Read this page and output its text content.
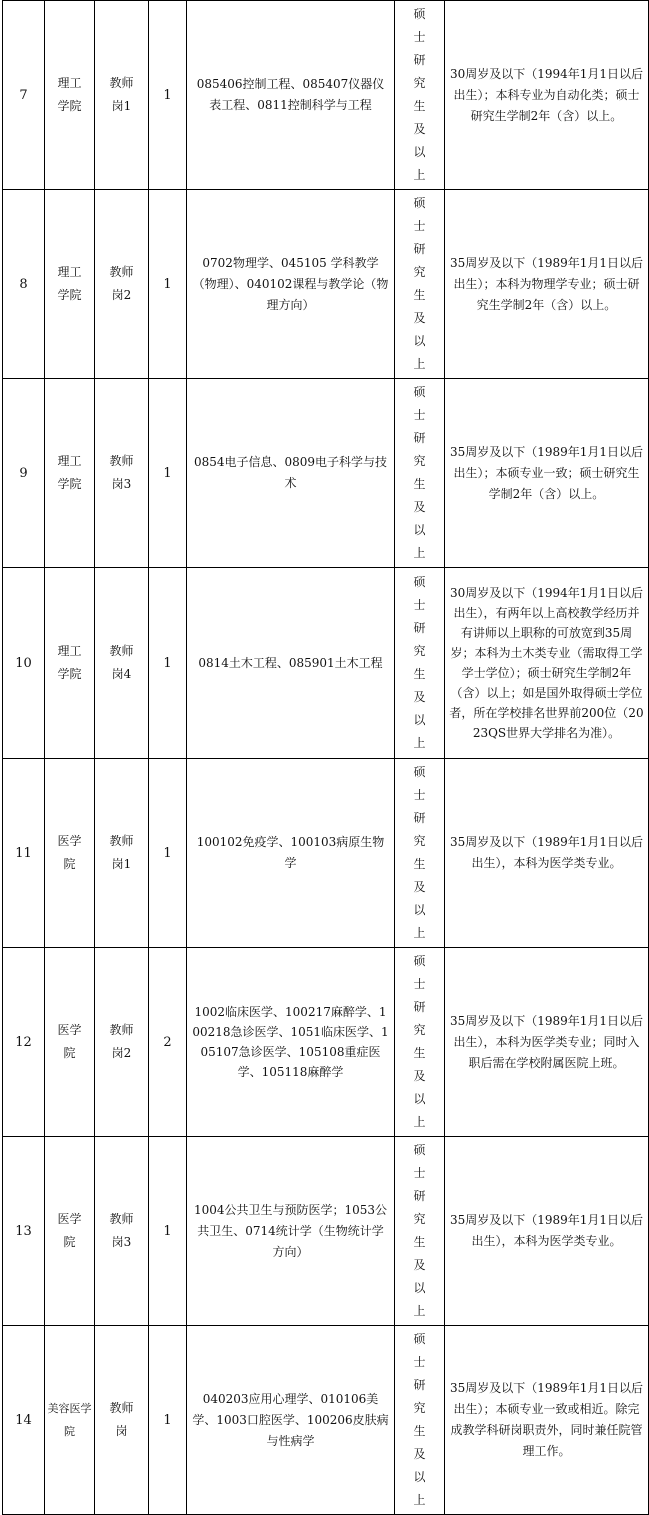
7	理工学院	教师岗1	1	085406控制工程、085407仪器仪表工程、0811控制科学与工程	硕士研究生及以上	30周岁及以下（1994年1月1日以后出生）；本科专业为自动化类；硕士研究生学制2年（含）以上。
8	理工学院	教师岗2	1	0702物理学、045105 学科教学（物理）、040102课程与教学论（物理方向）	硕士研究生及以上	35周岁及以下（1989年1月1日以后出生）；本科为物理学专业；硕士研究生学制2年（含）以上。
9	理工学院	教师岗3	1	0854电子信息、0809电子科学与技术	硕士研究生及以上	35周岁及以下（1989年1月1日以后出生）；本硕专业一致；硕士研究生学制2年（含）以上。
10	理工学院	教师岗4	1	0814土木工程、085901土木工程	硕士研究生及以上	30周岁及以下（1994年1月1日以后出生），有两年以上高校教学经历并有讲师以上职称的可放宽到35周岁；本科为土木类专业（需取得工学学士学位）；硕士研究生学制2年（含）以上；如是国外取得硕士学位者，所在学校排名世界前200位（2023QS世界大学排名为准）。
11	医学院	教师岗1	1	100102免疫学、100103病原生物学	硕士研究生及以上	35周岁及以下（1989年1月1日以后出生），本科为医学类专业。
12	医学院	教师岗2	2	1002临床医学、100217麻醉学、100218急诊医学、1051临床医学、105107急诊医学、105108重症医学、105118麻醉学	硕士研究生及以上	35周岁及以下（1989年1月1日以后出生），本科为医学类专业；同时入职后需在学校附属医院上班。
13	医学院	教师岗3	1	1004公共卫生与预防医学；1053公共卫生、0714统计学（生物统计学方向）	硕士研究生及以上	35周岁及以下（1989年1月1日以后出生），本科为医学类专业。
14	美容医学院	教师岗	1	040203应用心理学、010106美学、1003口腔医学、100206皮肤病与性病学	硕士研究生及以上	35周岁及以下（1989年1月1日以后出生）；本硕专业一致或相近。除完成教学科研岗职责外，同时兼任院管理工作。
